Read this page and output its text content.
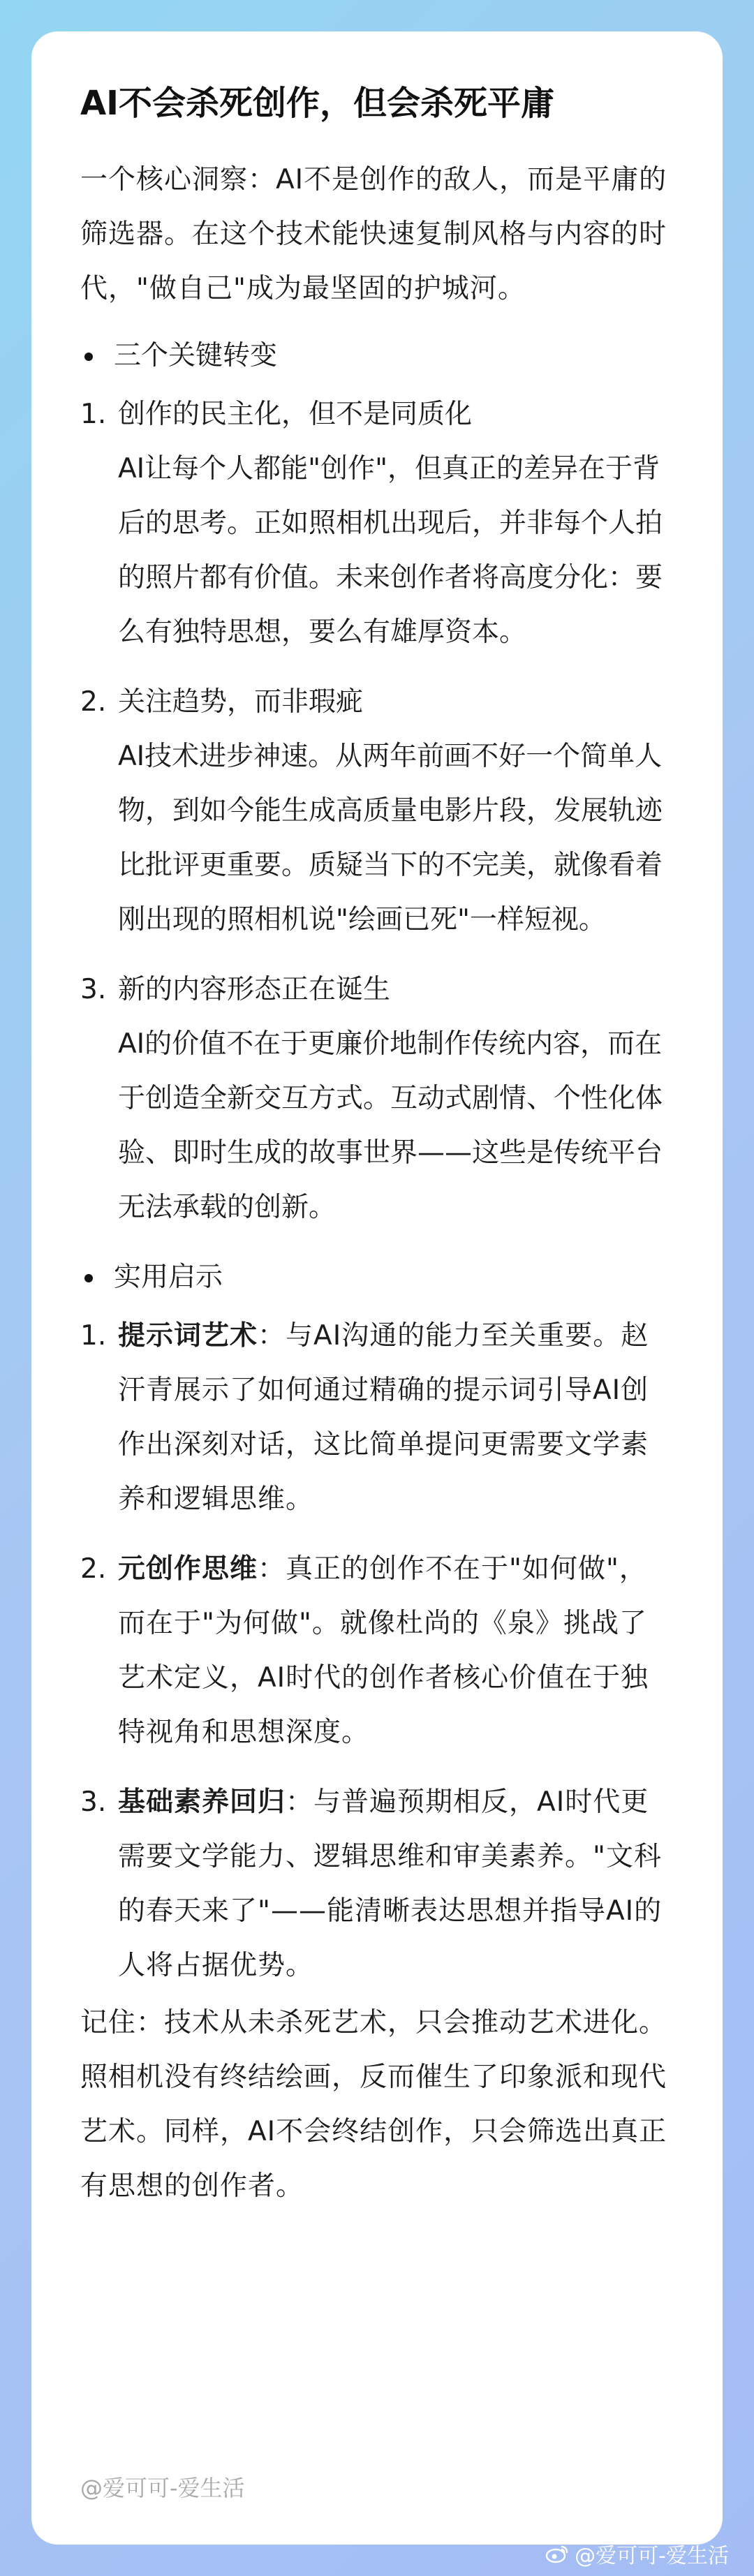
AI不会杀死创作，但会杀死平庸

一个核心洞察：AI不是创作的敌人，而是平庸的筛选器。在这个技术能快速复制风格与内容的时代，"做自己"成为最坚固的护城河。

三个关键转变
1. 创作的民主化，但不是同质化
AI让每个人都能"创作"，但真正的差异在于背后的思考。正如照相机出现后，并非每个人拍的照片都有价值。未来创作者将高度分化：要么有独特思想，要么有雄厚资本。
2. 关注趋势，而非瑕疵
AI技术进步神速。从两年前画不好一个简单人物，到如今能生成高质量电影片段，发展轨迹比批评更重要。质疑当下的不完美，就像看着刚出现的照相机说"绘画已死"一样短视。
3. 新的内容形态正在诞生
AI的价值不在于更廉价地制作传统内容，而在于创造全新交互方式。互动式剧情、个性化体验、即时生成的故事世界——这些是传统平台无法承载的创新。
实用启示
1. 提示词艺术：与AI沟通的能力至关重要。赵汗青展示了如何通过精确的提示词引导AI创作出深刻对话，这比简单提问更需要文学素养和逻辑思维。
2. 元创作思维：真正的创作不在于"如何做"，而在于"为何做"。就像杜尚的《泉》挑战了艺术定义，AI时代的创作者核心价值在于独特视角和思想深度。
3. 基础素养回归：与普遍预期相反，AI时代更需要文学能力、逻辑思维和审美素养。"文科的春天来了"——能清晰表达思想并指导AI的人将占据优势。

记住：技术从未杀死艺术，只会推动艺术进化。照相机没有终结绘画，反而催生了印象派和现代艺术。同样，AI不会终结创作，只会筛选出真正有思想的创作者。

@爱可可-爱生活
@爱可可-爱生活
